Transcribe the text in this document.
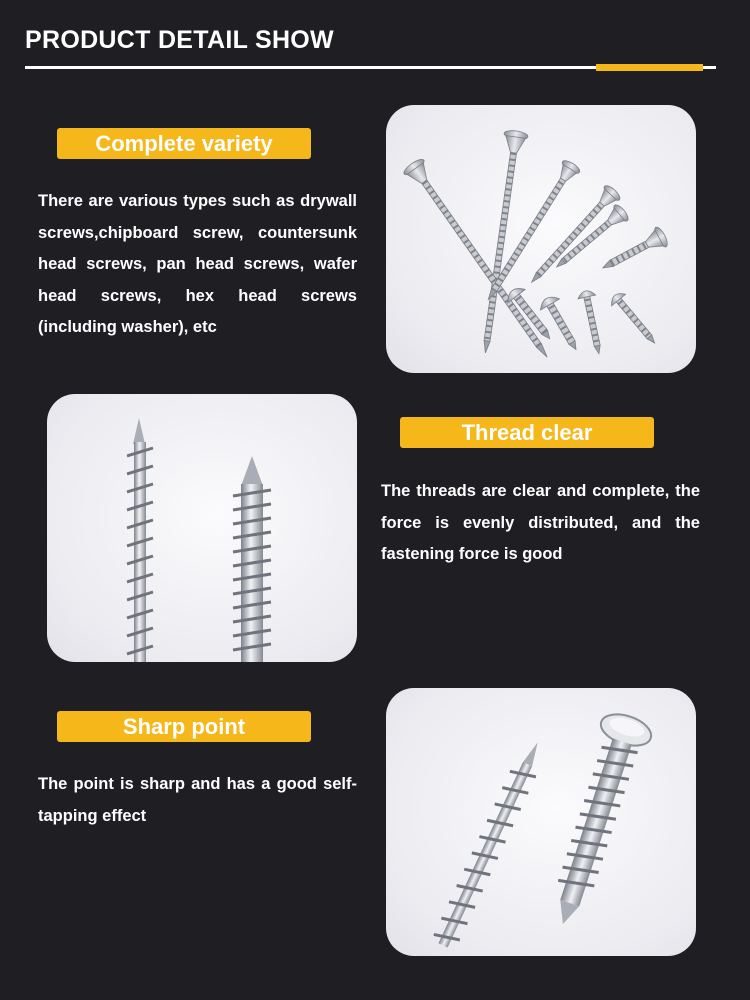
PRODUCT DETAIL SHOW
Complete variety

There are various types such as drywall screws,chipboard screw, countersunk head screws, pan head screws, wafer head screws, hex head screws (including washer), etc

Thread clear

The threads are clear and complete, the force is evenly distributed, and the fastening force is good

Sharp point

The point is sharp and has a good self-tapping effect
